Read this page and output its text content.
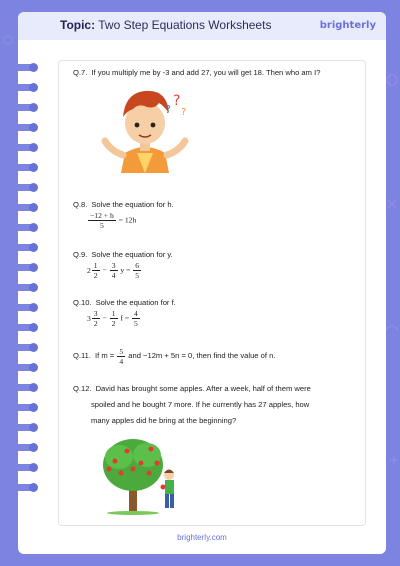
Topic: Two Step Equations Worksheets	brighterly
Q.7. If you multiply me by -3 and add 27, you will get 18. Then who am I?
?
? ?
Q.8. Solve the equation for h.
$\frac{-12 + h}{5} = 12h$
Q.9. Solve the equation for y.
$2 \frac{1}{2} - \frac{3}{4}$ $y = \frac{6}{5}$
Q.10. Solve the equation for f.
$3 \frac{3}{2} - \frac{1}{2}$ $f = \frac{4}{5}$
Q.11. If $m = \frac{5}{4}$ and −12m + 5n = 0, then find the value of n.
Q.12. David has brought some apples. After a week, half of them were
spoiled and he bought 7 more. If he currently has 27 apples, how
many apples did he bring at the beginning?
brighterly.com
